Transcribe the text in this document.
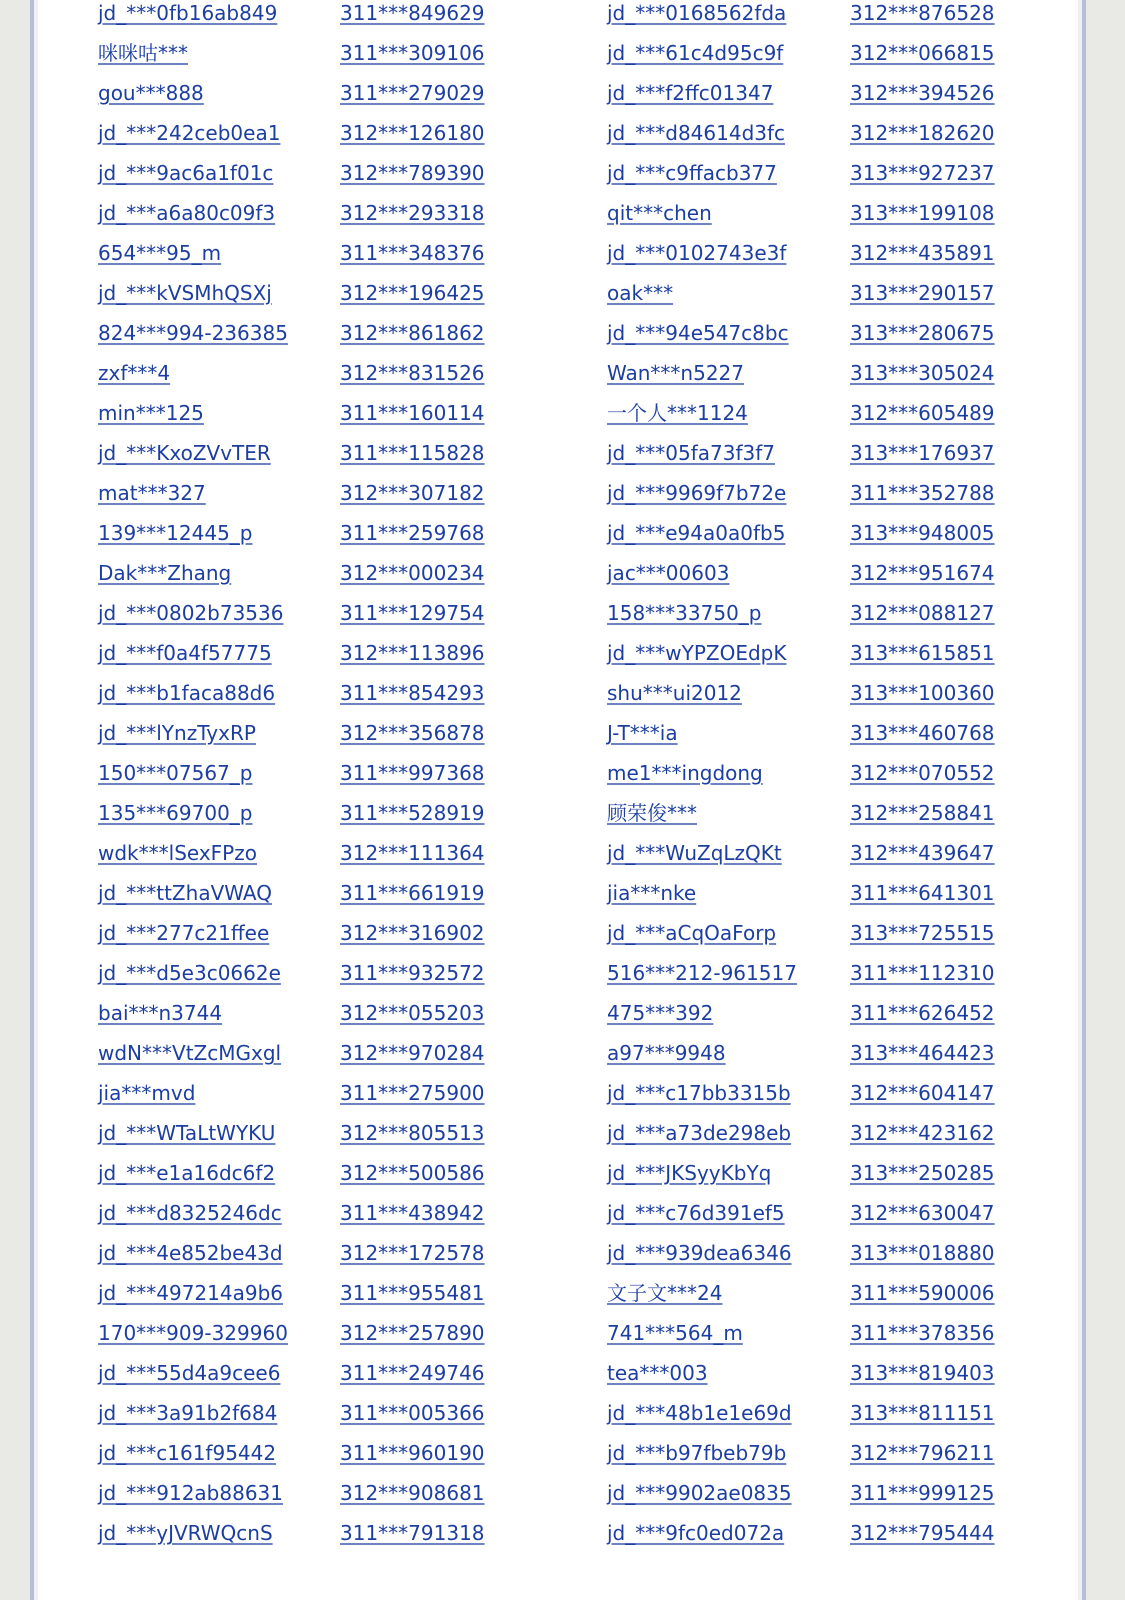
jd_***0fb16ab849	311***849629	jd_***0168562fda	312***876528
咪咪咕***	311***309106	jd_***61c4d95c9f	312***066815
gou***888	311***279029	jd_***f2ffc01347	312***394526
jd_***242ceb0ea1	312***126180	jd_***d84614d3fc	312***182620
jd_***9ac6a1f01c	312***789390	jd_***c9ffacb377	313***927237
jd_***a6a80c09f3	312***293318	qit***chen	313***199108
654***95_m	311***348376	jd_***0102743e3f	312***435891
jd_***kVSMhQSXj	312***196425	oak***	313***290157
824***994-236385	312***861862	jd_***94e547c8bc	313***280675
zxf***4	312***831526	Wan***n5227	313***305024
min***125	311***160114	一个人***1124	312***605489
jd_***KxoZVvTER	311***115828	jd_***05fa73f3f7	313***176937
mat***327	312***307182	jd_***9969f7b72e	311***352788
139***12445_p	311***259768	jd_***e94a0a0fb5	313***948005
Dak***Zhang	312***000234	jac***00603	312***951674
jd_***0802b73536	311***129754	158***33750_p	312***088127
jd_***f0a4f57775	312***113896	jd_***wYPZOEdpK	313***615851
jd_***b1faca88d6	311***854293	shu***ui2012	313***100360
jd_***lYnzTyxRP	312***356878	J-T***ia	313***460768
150***07567_p	311***997368	me1***ingdong	312***070552
135***69700_p	311***528919	顾荣俊***	312***258841
wdk***lSexFPzo	312***111364	jd_***WuZqLzQKt	312***439647
jd_***ttZhaVWAQ	311***661919	jia***nke	311***641301
jd_***277c21ffee	312***316902	jd_***aCqOaForp	313***725515
jd_***d5e3c0662e	311***932572	516***212-961517	311***112310
bai***n3744	312***055203	475***392	311***626452
wdN***VtZcMGxgl	312***970284	a97***9948	313***464423
jia***mvd	311***275900	jd_***c17bb3315b	312***604147
jd_***WTaLtWYKU	312***805513	jd_***a73de298eb	312***423162
jd_***e1a16dc6f2	312***500586	jd_***JKSyyKbYq	313***250285
jd_***d8325246dc	311***438942	jd_***c76d391ef5	312***630047
jd_***4e852be43d	312***172578	jd_***939dea6346	313***018880
jd_***497214a9b6	311***955481	文子文***24	311***590006
170***909-329960	312***257890	741***564_m	311***378356
jd_***55d4a9cee6	311***249746	tea***003	313***819403
jd_***3a91b2f684	311***005366	jd_***48b1e1e69d	313***811151
jd_***c161f95442	311***960190	jd_***b97fbeb79b	312***796211
jd_***912ab88631	312***908681	jd_***9902ae0835	311***999125
jd_***yJVRWQcnS	311***791318	jd_***9fc0ed072a	312***795444
